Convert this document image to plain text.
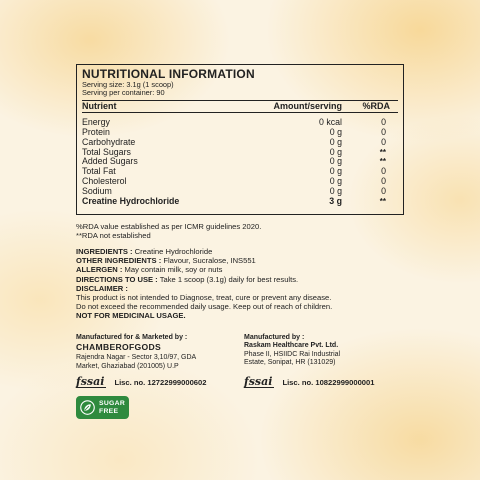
NUTRITIONAL INFORMATION
Serving size: 3.1g (1 scoop)
Serving per container: 90
Nutrient	Amount/serving	%RDA
Energy	0 kcal	0
Protein	0 g	0
Carbohydrate	0 g	0
Total Sugars	0 g	**
Added Sugars	0 g	**
Total Fat	0 g	0
Cholesterol	0 g	0
Sodium	0 g	0
Creatine Hydrochloride	3 g	**
%RDA value established as per ICMR guidelines 2020.
**RDA not established
INGREDIENTS : Creatine Hydrochloride
OTHER INGREDIENTS : Flavour, Sucralose, INS551
ALLERGEN : May contain milk, soy or nuts
DIRECTIONS TO USE : Take 1 scoop (3.1g) daily for best results.
DISCLAIMER :
This product is not intended to Diagnose, treat, cure or prevent any disease.
Do not exceed the recommended daily usage. Keep out of reach of children.
NOT FOR MEDICINAL USAGE.
Manufactured for & Marketed by :
CHAMBEROFGODS
Rajendra Nagar - Sector 3,10/97, GDA
Market, Ghaziabad (201005) U.P
Manufactured by :
Raskam Healthcare Pvt. Ltd.
Phase II, HSIIDC Rai Industrial
Estate, Sonipat, HR (131029)
fssai Lisc. no. 12722999000602	fssai Lisc. no. 10822999000001
SUGAR
FREE
